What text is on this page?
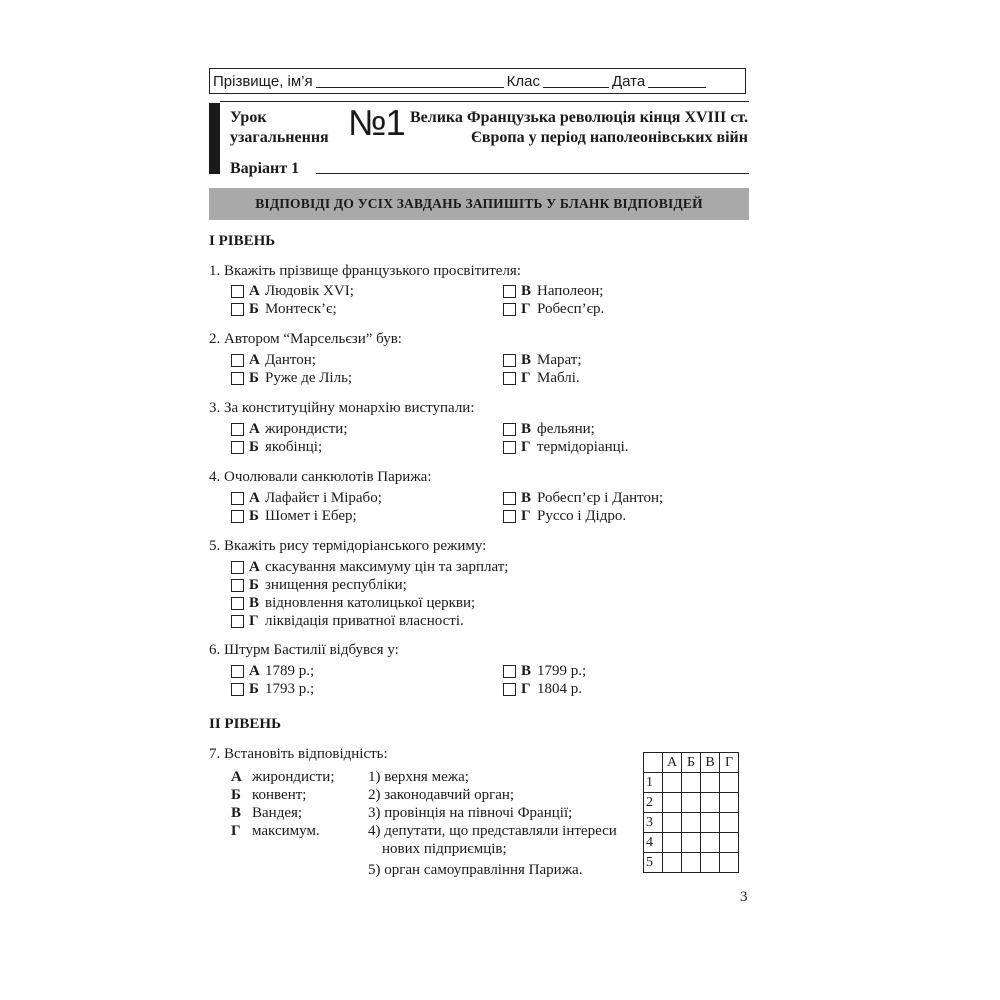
Прізвище, ім’я	Клас	Дата
Урок
узагальнення №1 Велика Французька революція кінця XVIII ст.
Європа у період наполеонівських війн
Варіант 1
ВІДПОВІДІ ДО УСІХ ЗАВДАНЬ ЗАПИШІТЬ У БЛАНК ВІДПОВІДЕЙ
І РІВЕНЬ
1. Вкажіть прізвище французького просвітителя:
А Людовік XVI;
Б Монтеск’є;
В Наполеон;
Г Робесп’єр.
2. Автором “Марсельєзи” був:
А Дантон;
Б Руже де Ліль;
В Марат;
Г Маблі.
3. За конституційну монархію виступали:
А жирондисти;
Б якобінці;
В фельяни;
Г термідоріанці.
4. Очолювали санкюлотів Парижа:
А Лафайєт і Мірабо;
Б Шомет і Ебер;
В Робесп’єр і Дантон;
Г Руссо і Дідро.
5. Вкажіть рису термідоріанського режиму:
А скасування максимуму цін та зарплат;
Б знищення республіки;
В відновлення католицької церкви;
Г ліквідація приватної власності.
6. Штурм Бастилії відбувся у:
А 1789 р.;
Б 1793 р.;
В 1799 р.;
Г 1804 р.
ІІ РІВЕНЬ
7. Встановіть відповідність:
А жирондисти;
Б конвент;
В Вандея;
Г максимум.
1) верхня межа;
2) законодавчий орган;
3) провінція на півночі Франції;
4) депутати, що представляли інтереси
нових підприємців;
5) орган самоуправління Парижа.
	А	Б	В	Г
1				
2				
3				
4				
5				
3
